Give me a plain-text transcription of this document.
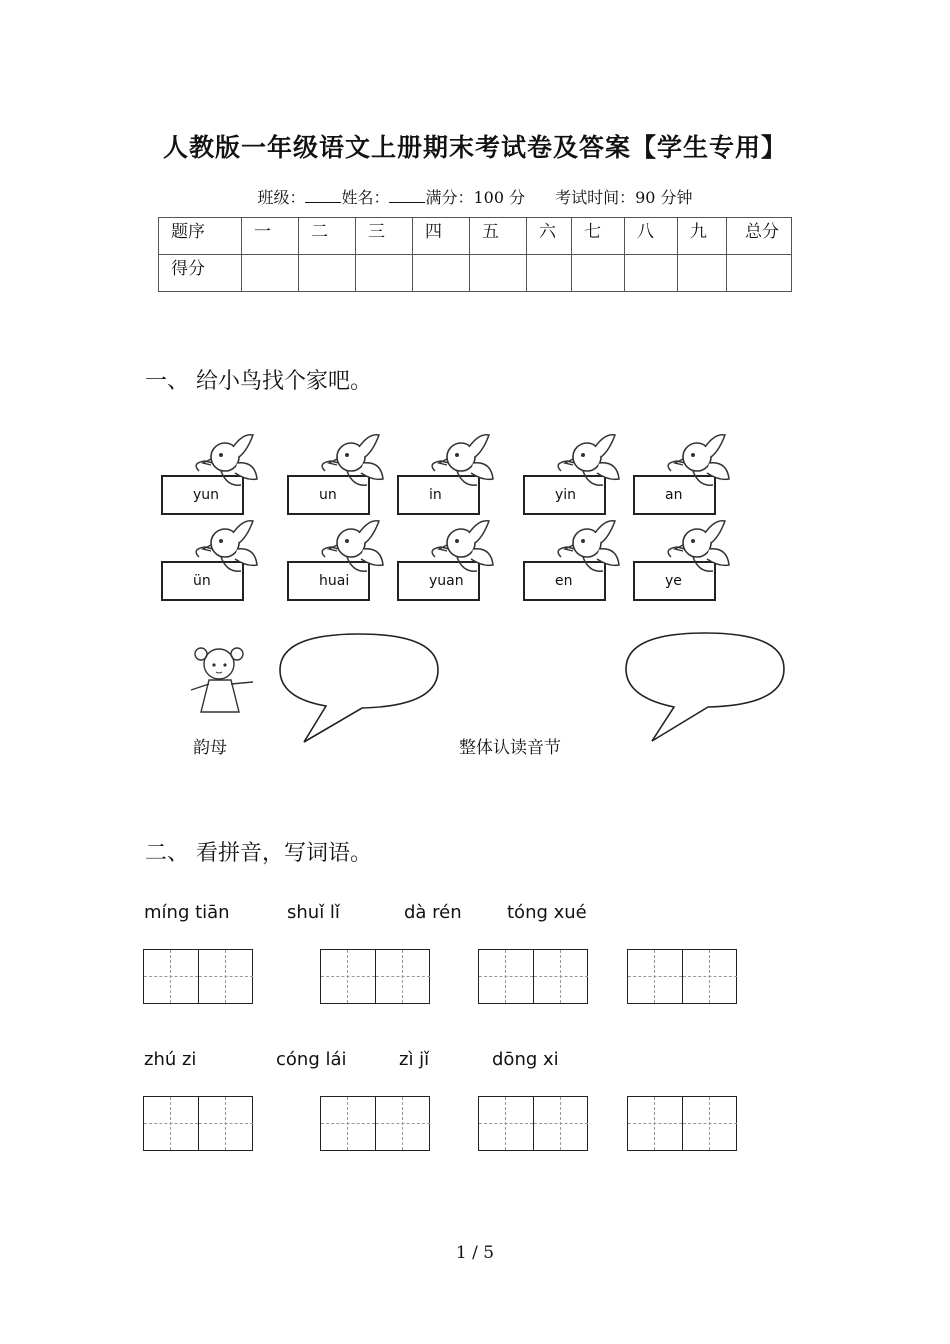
人教版一年级语文上册期末考试卷及答案【学生专用】
班级： 姓名： 满分：100 分 考试时间：90 分钟
题序	一	二	三	四	五	六	七	八	九	总分
得分										
一、 给小鸟找个家吧。
yun	un	in	yin	an
ün	huai	yuan	en	ye
韵母	整体认读音节
二、 看拼音，写词语。
míng tiān	shuǐ lǐ	dà rén	tóng xué
zhú zi	cóng lái	zì jǐ	dōng xi
1 / 5
